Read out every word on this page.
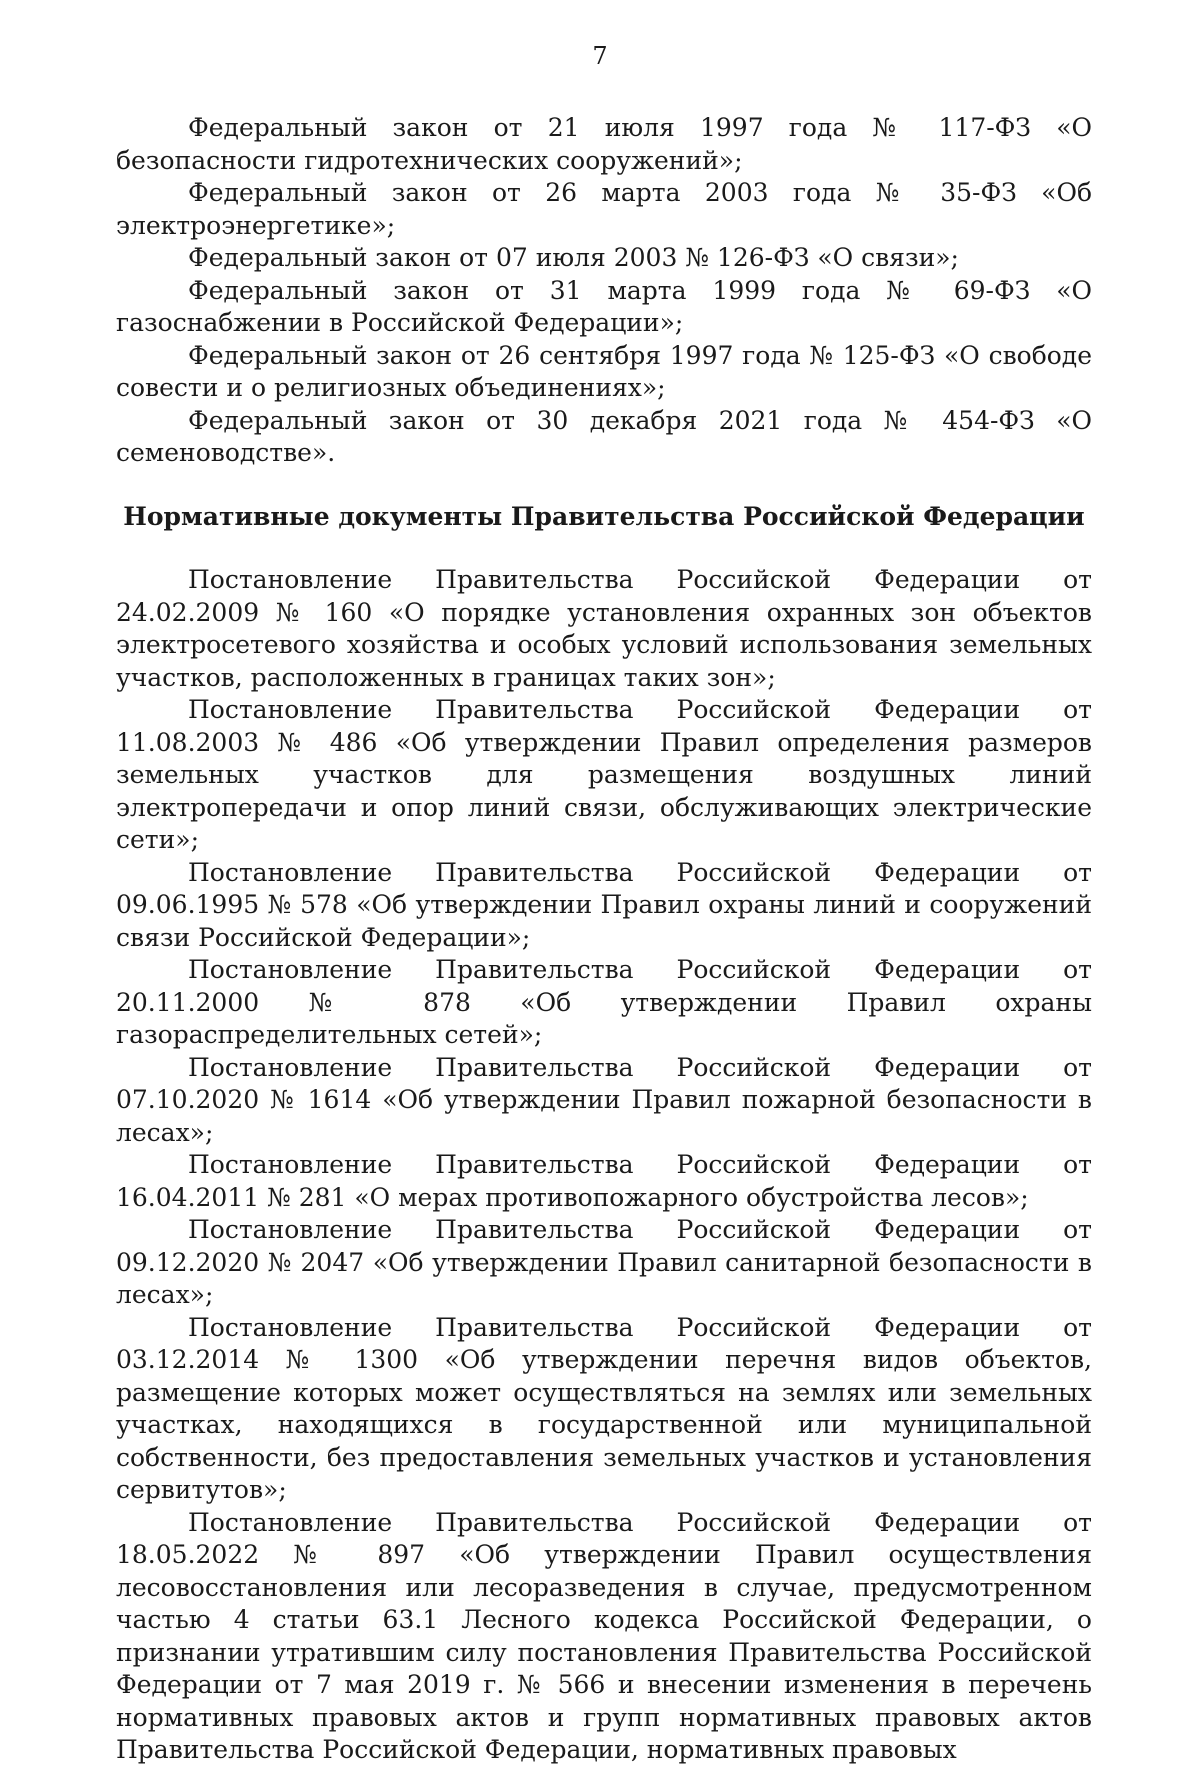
7

Федеральный закон от 21 июля 1997 года № 117-ФЗ «О безопасности гидротехнических сооружений»;

Федеральный закон от 26 марта 2003 года № 35-ФЗ «Об электроэнергетике»;

Федеральный закон от 07 июля 2003 № 126-ФЗ «О связи»;

Федеральный закон от 31 марта 1999 года № 69-ФЗ «О газоснабжении в Российской Федерации»;

Федеральный закон от 26 сентября 1997 года № 125-ФЗ «О свободе совести и о религиозных объединениях»;

Федеральный закон от 30 декабря 2021 года № 454-ФЗ «О семеноводстве».

Нормативные документы Правительства Российской Федерации

Постановление Правительства Российской Федерации от 24.02.2009 № 160 «О порядке установления охранных зон объектов электросетевого хозяйства и особых условий использования земельных участков, расположенных в границах таких зон»;

Постановление Правительства Российской Федерации от 11.08.2003 № 486 «Об утверждении Правил определения размеров земельных участков для размещения воздушных линий электропередачи и опор линий связи, обслуживающих электрические сети»;

Постановление Правительства Российской Федерации от 09.06.1995 № 578 «Об утверждении Правил охраны линий и сооружений связи Российской Федерации»;

Постановление Правительства Российской Федерации от 20.11.2000 № 878 «Об утверждении Правил охраны газораспределительных сетей»;

Постановление Правительства Российской Федерации от 07.10.2020 № 1614 «Об утверждении Правил пожарной безопасности в лесах»;

Постановление Правительства Российской Федерации от 16.04.2011 № 281 «О мерах противопожарного обустройства лесов»;

Постановление Правительства Российской Федерации от 09.12.2020 № 2047 «Об утверждении Правил санитарной безопасности в лесах»;

Постановление Правительства Российской Федерации от 03.12.2014 № 1300 «Об утверждении перечня видов объектов, размещение которых может осуществляться на землях или земельных участках, находящихся в государственной или муниципальной собственности, без предоставления земельных участков и установления сервитутов»;

Постановление Правительства Российской Федерации от 18.05.2022 № 897 «Об утверждении Правил осуществления лесовосстановления или лесоразведения в случае, предусмотренном частью 4 статьи 63.1 Лесного кодекса Российской Федерации, о признании утратившим силу постановления Правительства Российской Федерации от 7 мая 2019 г. № 566 и внесении изменения в перечень нормативных правовых актов и групп нормативных правовых актов Правительства Российской Федерации, нормативных правовых
